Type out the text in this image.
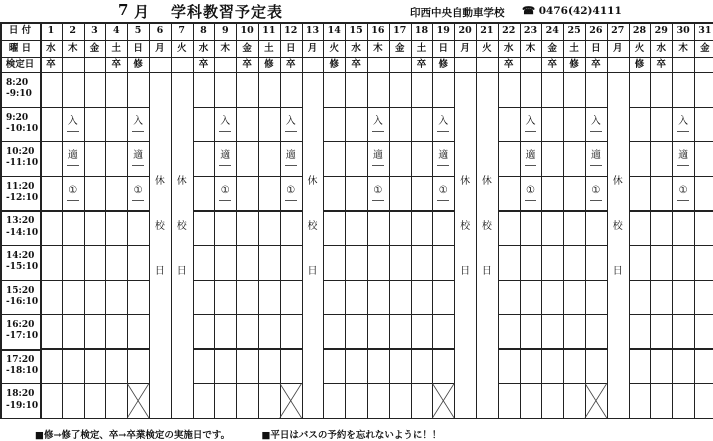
7 月 学科教習予定表	印西中央自動車学校 ☎ 0476(42)4111
日 付
曜 日
検定日
8:20
-9:10
9:20
-10:10
10:20
-11:10
11:20
-12:10
13:20
-14:10
14:20
-15:10
15:20
-16:10
16:20
-17:10
17:20
-18:10
18:20
-19:10
1
水
卒
2
木
3
金
4
土
卒
5
日
修
6
月
7
火
8
水
卒
9
木
10
金
卒
11
土
修
12
日
卒
13
月
14
火
修
15
水
卒
16
木
17
金
18
土
卒
19
日
修
20
月
21
火
22
水
卒
23
木
24
金
卒
25
土
修
26
日
卒
27
月
28
火
修
29
水
卒
30
木
31
金
休
校
日
休
校
日
休
校
日
休
校
日
休
校
日
休
校
日
入
適
①
入
適
①
入
適
①
入
適
①
入
適
①
入
適
①
入
適
①
入
適
①
入
適
①
■修→修了検定、卒→卒業検定の実施日です。	■平日はバスの予約を忘れないように！！
